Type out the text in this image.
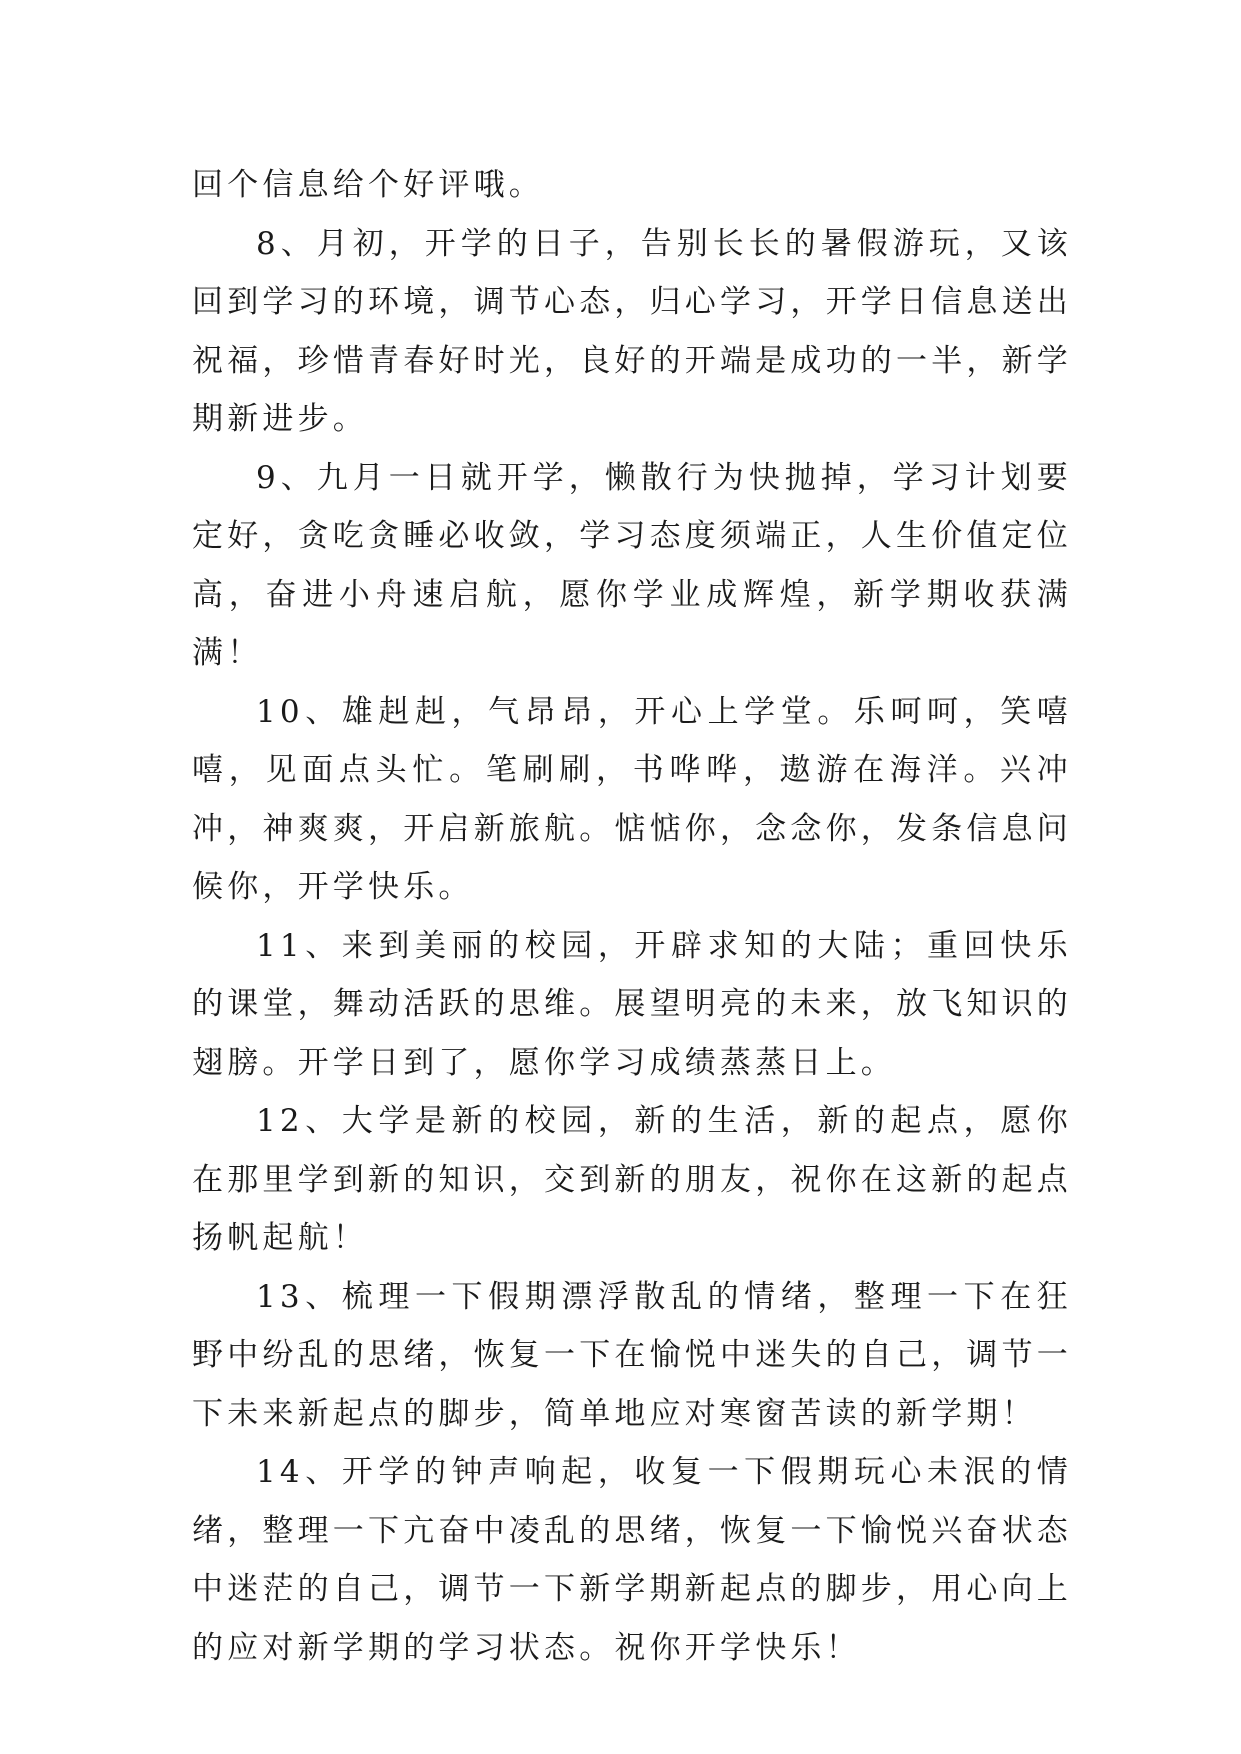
回个信息给个好评哦。

8、月初，开学的日子，告别长长的暑假游玩，又该回到学习的环境，调节心态，归心学习，开学日信息送出祝福，珍惜青春好时光，良好的开端是成功的一半，新学期新进步。

9、九月一日就开学，懒散行为快抛掉，学习计划要定好，贪吃贪睡必收敛，学习态度须端正，人生价值定位高，奋进小舟速启航，愿你学业成辉煌，新学期收获满满！

10、雄赳赳，气昂昂，开心上学堂。乐呵呵，笑嘻嘻，见面点头忙。笔刷刷，书哗哗，遨游在海洋。兴冲冲，神爽爽，开启新旅航。惦惦你，念念你，发条信息问候你，开学快乐。

11、来到美丽的校园，开辟求知的大陆；重回快乐的课堂，舞动活跃的思维。展望明亮的未来，放飞知识的翅膀。开学日到了，愿你学习成绩蒸蒸日上。

12、大学是新的校园，新的生活，新的起点，愿你在那里学到新的知识，交到新的朋友，祝你在这新的起点扬帆起航！

13、梳理一下假期漂浮散乱的情绪，整理一下在狂野中纷乱的思绪，恢复一下在愉悦中迷失的自己，调节一下未来新起点的脚步，简单地应对寒窗苦读的新学期！

14、开学的钟声响起，收复一下假期玩心未泯的情绪，整理一下亢奋中凌乱的思绪，恢复一下愉悦兴奋状态中迷茫的自己，调节一下新学期新起点的脚步，用心向上的应对新学期的学习状态。祝你开学快乐！
